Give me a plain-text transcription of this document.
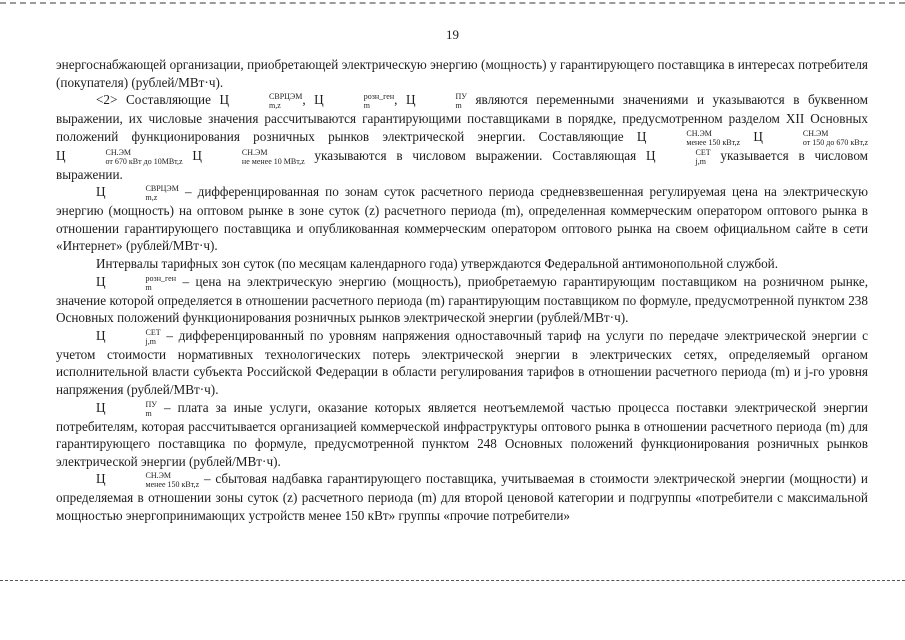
19

энергоснабжающей организации, приобретающей электрическую энергию (мощность) у гарантирующего поставщика в интересах потребителя (покупателя) (рублей/МВт·ч).

<2> Составляющие Ц	СВРЦЭМ
m,z	, Ц	розн_ген
m	, Ц	ПУ
m являются переменными значениями и указываются в буквенном выражении, их числовые значения рассчитываются гарантирующими поставщиками в порядке, предусмотренном разделом XII Основных положений функционирования розничных рынков электрической энергии. Составляющие Ц	СН.ЭМ
менее 150 кВт,z Ц	СН.ЭМ
от 150 до 670 кВт,z
Ц	СН.ЭМ
от 670 кВт до 10МВт,z Ц	СН.ЭМ
не менее 10 МВт,z указываются в числовом выражении. Составляющая Ц	СЕТ
j,m указывается в числовом выражении.

Ц	СВРЦЭМ
m,z	– дифференцированная по зонам суток расчетного периода средневзвешенная регулируемая цена на электрическую энергию (мощность) на оптовом рынке в зоне суток (z) расчетного периода (m), определенная коммерческим оператором оптового рынка в отношении гарантирующего поставщика и опубликованная коммерческим оператором оптового рынка на своем официальном сайте в сети «Интернет» (рублей/МВт·ч).

Интервалы тарифных зон суток (по месяцам календарного года) утверждаются Федеральной антимонопольной службой.

Ц	розн_ген
m	– цена на электрическую энергию (мощность), приобретаемую гарантирующим поставщиком на розничном рынке, значение которой определяется в отношении расчетного периода (m) гарантирующим поставщиком по формуле, предусмотренной пунктом 238 Основных положений функционирования розничных рынков электрической энергии (рублей/МВт·ч).

Ц	СЕТ
j,m – дифференцированный по уровням напряжения одноставочный тариф на услуги по передаче электрической энергии с учетом стоимости нормативных технологических потерь электрической энергии в электрических сетях, определяемый органом исполнительной власти субъекта Российской Федерации в области регулирования тарифов в отношении расчетного периода (m) и j-го уровня напряжения (рублей/МВт·ч).

Ц	ПУ
m – плата за иные услуги, оказание которых является неотъемлемой частью процесса поставки электрической энергии потребителям, которая рассчитывается организацией коммерческой инфраструктуры оптового рынка в отношении расчетного периода (m) для гарантирующего поставщика по формуле, предусмотренной пунктом 248 Основных положений функционирования розничных рынков электрической энергии (рублей/МВт·ч).

Ц	СН.ЭМ
менее 150 кВт,z – сбытовая надбавка гарантирующего поставщика, учитываемая в стоимости электрической энергии (мощности) и определяемая в отношении зоны суток (z) расчетного периода (m) для второй ценовой категории и подгруппы «потребители с максимальной мощностью энергопринимающих устройств менее 150 кВт» группы «прочие потребители»
